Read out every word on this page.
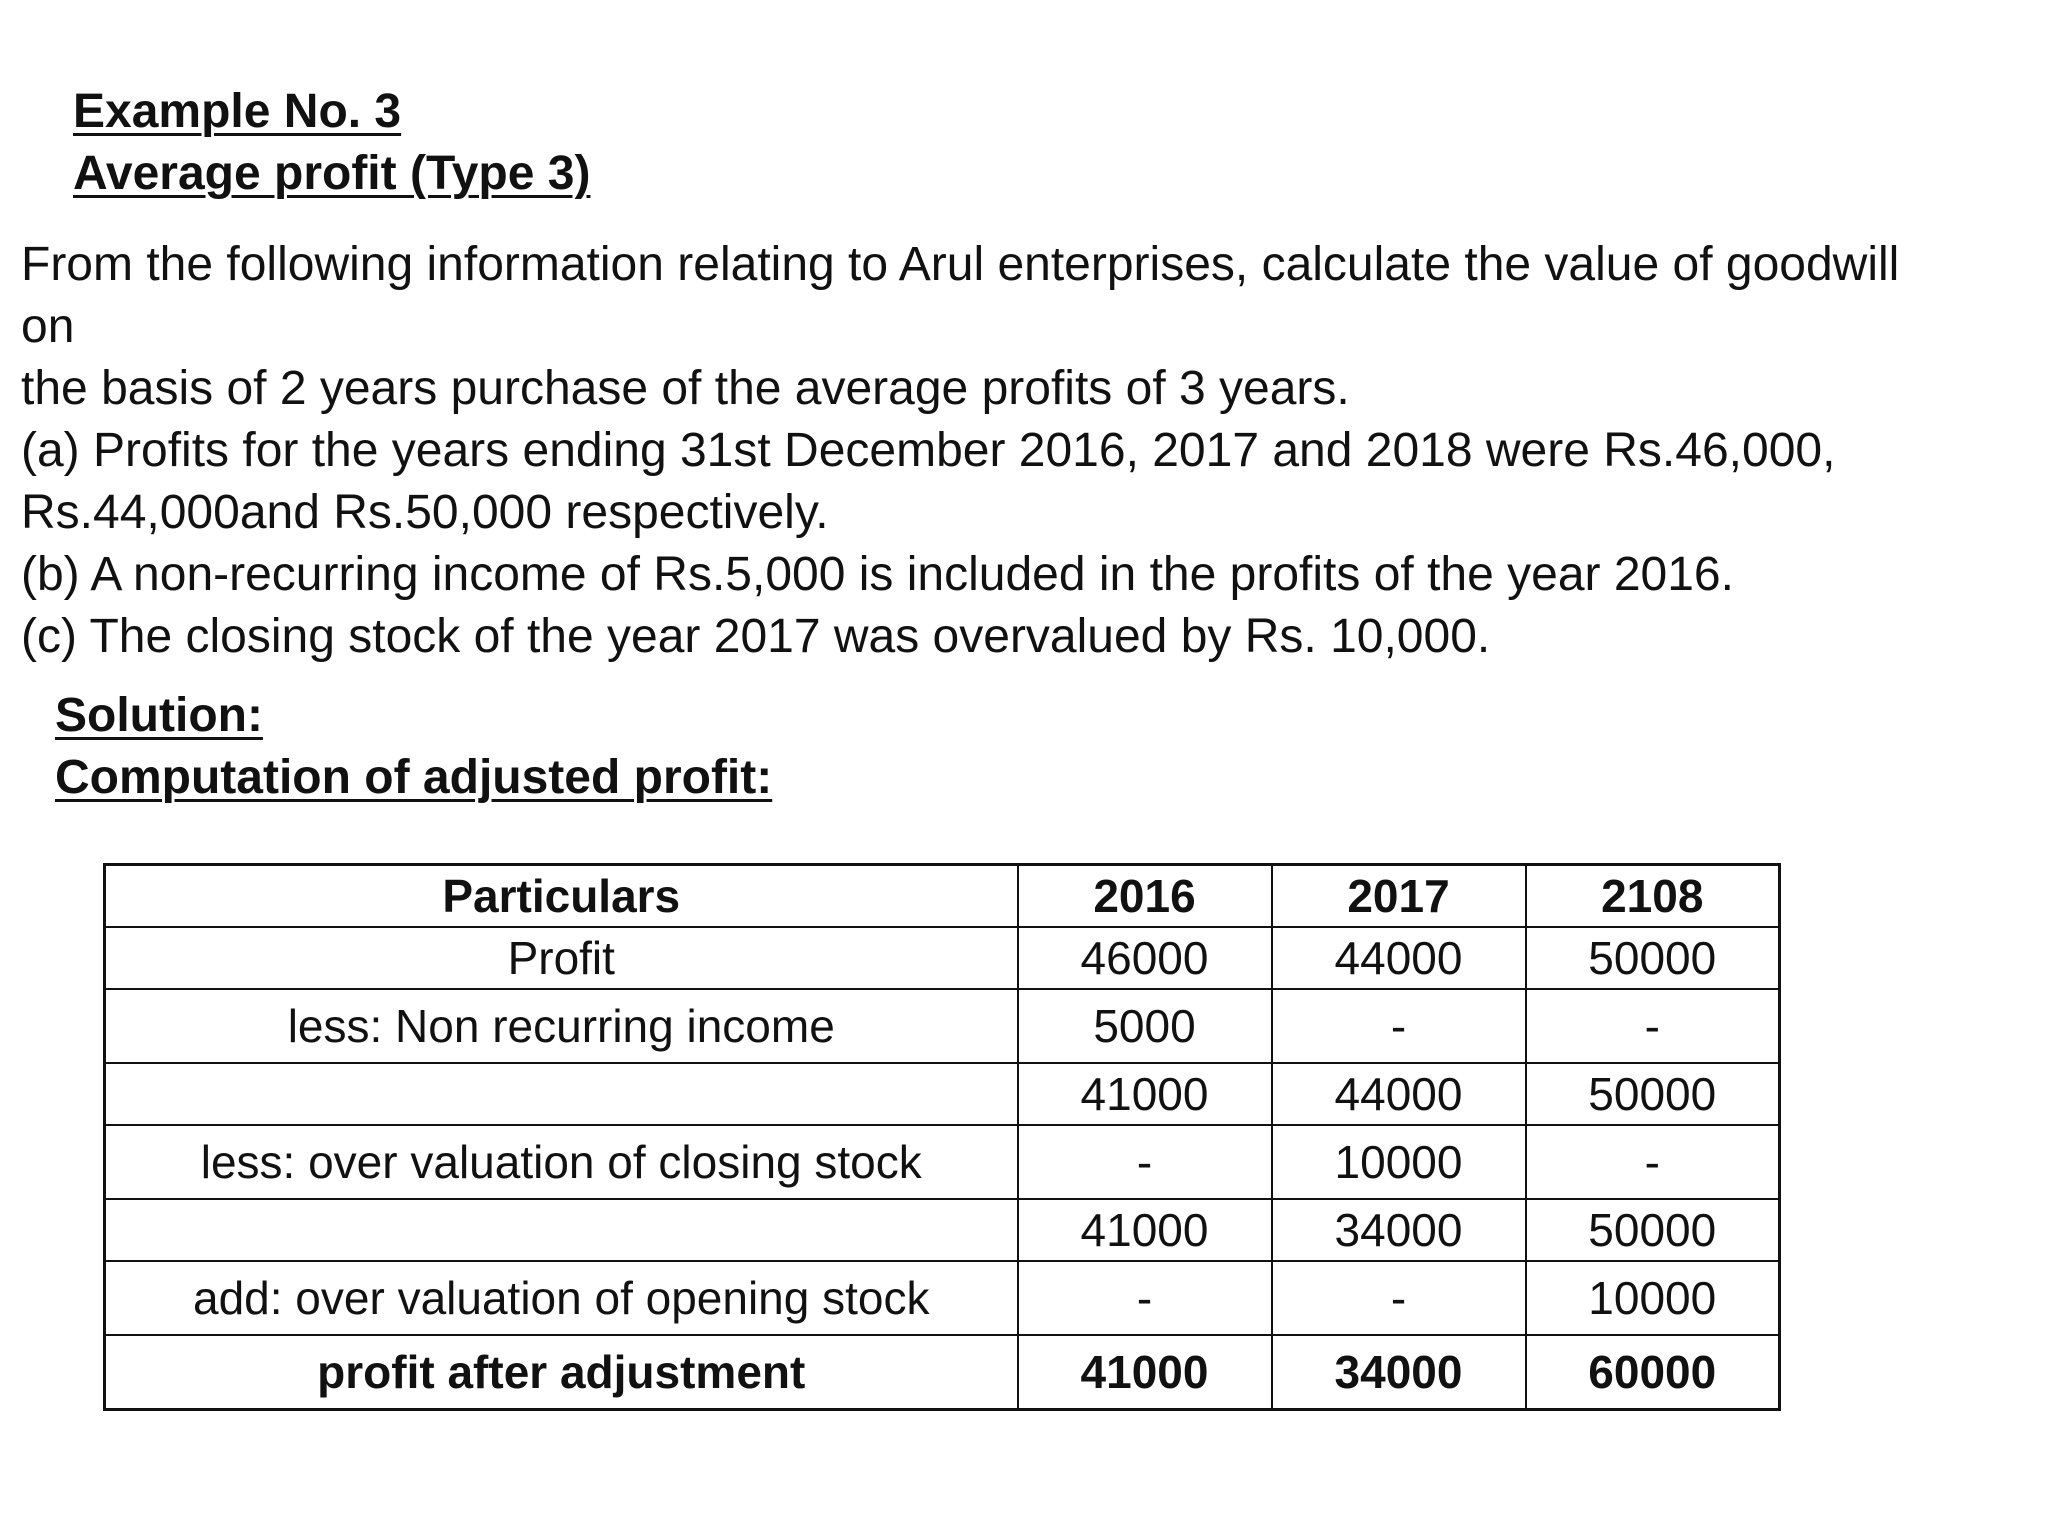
Example No. 3
Average profit (Type 3)
From the following information relating to Arul enterprises, calculate the value of goodwill
on
the basis of 2 years purchase of the average profits of 3 years.
(a) Profits for the years ending 31st December 2016, 2017 and 2018 were Rs.46,000,
Rs.44,000and Rs.50,000 respectively.
(b) A non-recurring income of Rs.5,000 is included in the profits of the year 2016.
(c) The closing stock of the year 2017 was overvalued by Rs. 10,000.
Solution:
Computation of adjusted profit:
Particulars	2016	2017	2108
Profit	46000	44000	50000
less: Non recurring income	5000	-	-
	41000	44000	50000
less: over valuation of closing stock	-	10000	-
	41000	34000	50000
add: over valuation of opening stock	-	-	10000
profit after adjustment	41000	34000	60000
